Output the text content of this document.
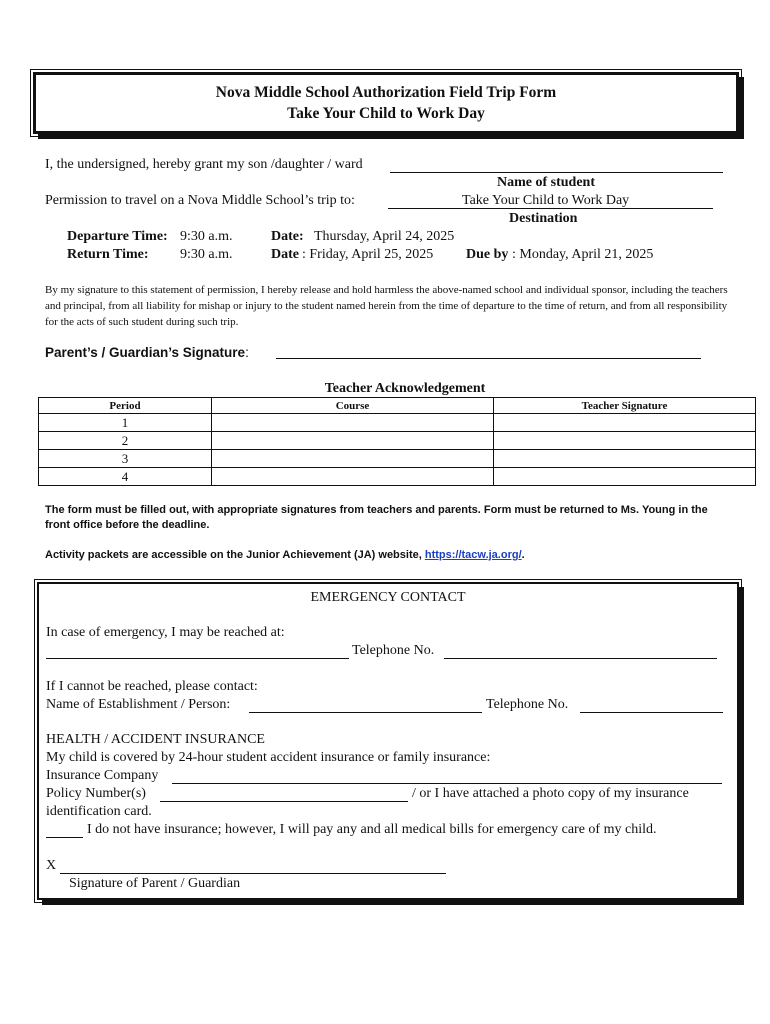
Nova Middle School Authorization Field Trip Form
Take Your Child to Work Day
I, the undersigned, hereby grant my son /daughter / ward
Name of student
Permission to travel on a Nova Middle School’s trip to:	Take Your Child to Work Day
Destination
Departure Time: 9:30 a.m.	Date: Thursday, April 24, 2025
Return Time: 9:30 a.m.	Date : Friday, April 25, 2025 Due by : Monday, April 21, 2025
By my signature to this statement of permission, I hereby release and hold harmless the above-named school and individual sponsor, including the teachers and principal, from all liability for mishap or injury to the student named herein from the time of departure to the time of return, and from all responsibility for the acts of such student during such trip.
Parent’s / Guardian’s Signature:
Teacher Acknowledgement
Period	Course	Teacher Signature
1		
2		
3		
4		
The form must be filled out, with appropriate signatures from teachers and parents. Form must be returned to Ms. Young in the front office before the deadline.
Activity packets are accessible on the Junior Achievement (JA) website, https://tacw.ja.org/.
EMERGENCY CONTACT
In case of emergency, I may be reached at:
Telephone No.
If I cannot be reached, please contact:
Name of Establishment / Person:	Telephone No.
HEALTH / ACCIDENT INSURANCE
My child is covered by 24-hour student accident insurance or family insurance:
Insurance Company
Policy Number(s)	/ or I have attached a photo copy of my insurance
identification card.
I do not have insurance; however, I will pay any and all medical bills for emergency care of my child.
X
Signature of Parent / Guardian
